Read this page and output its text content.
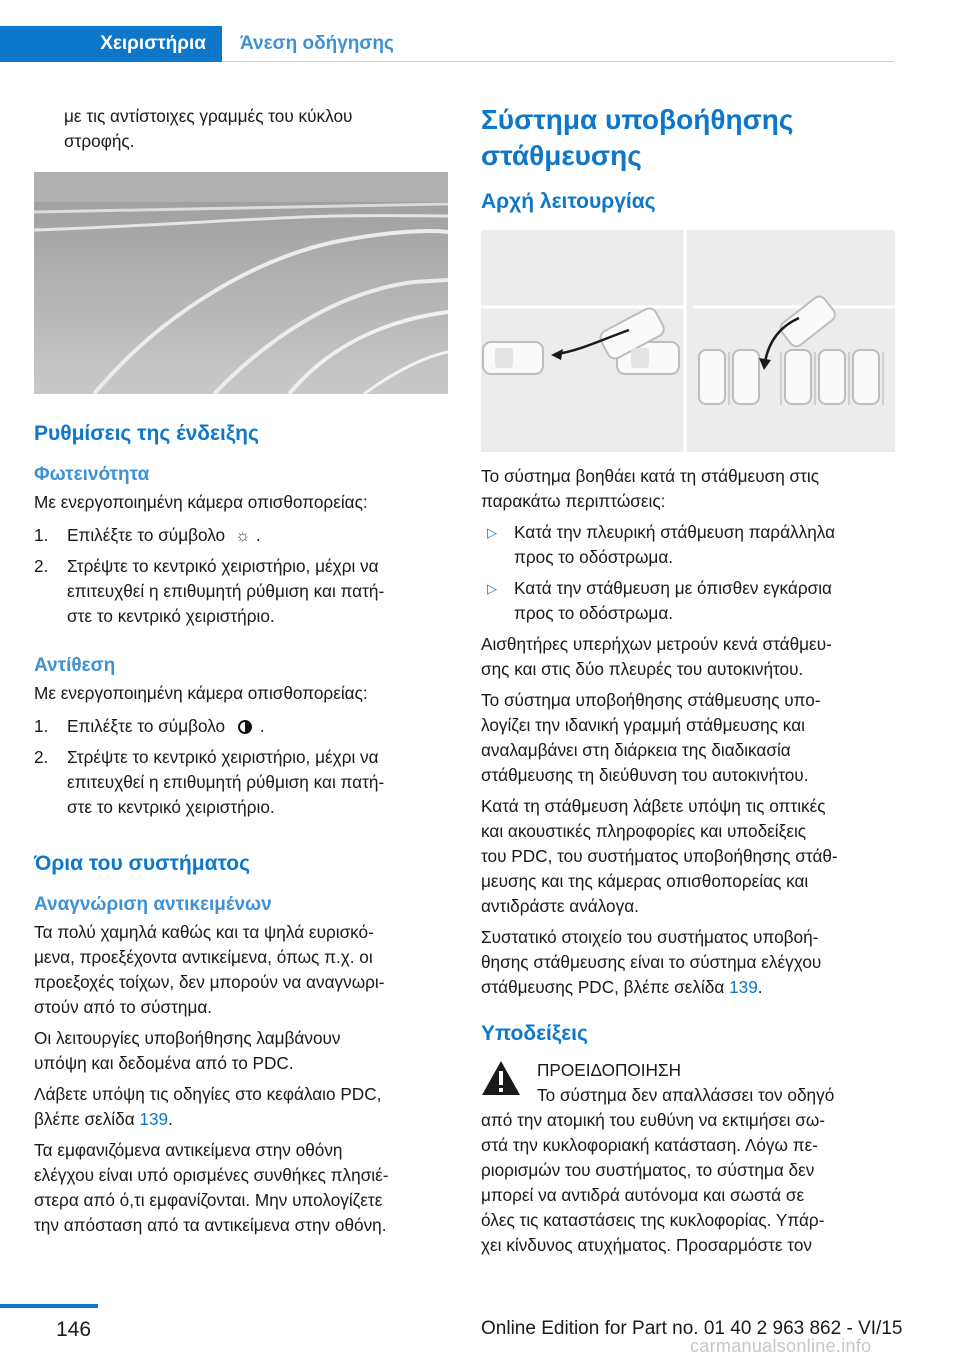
Χειριστήρια	Άνεση οδήγησης

με τις αντίστοιχες γραμμές του κύκλου

στροφής.

Ρυθμίσεις της ένδειξης
Φωτεινότητα

Με ενεργοποιημένη κάμερα οπισθοπορείας:

1. Επιλέξτε το σύμβολο ☼ .
2. Στρέψτε το κεντρικό χειριστήριο, μέχρι να
επιτευχθεί η επιθυμητή ρύθμιση και πατή-
στε το κεντρικό χειριστήριο.
Αντίθεση

Με ενεργοποιημένη κάμερα οπισθοπορείας:

1. Επιλέξτε το σύμβολο .
2. Στρέψτε το κεντρικό χειριστήριο, μέχρι να
επιτευχθεί η επιθυμητή ρύθμιση και πατή-
στε το κεντρικό χειριστήριο.
Όρια του συστήματος
Αναγνώριση αντικειμένων

Τα πολύ χαμηλά καθώς και τα ψηλά ευρισκό-

μενα, προεξέχοντα αντικείμενα, όπως π.χ. οι

προεξοχές τοίχων, δεν μπορούν να αναγνωρι-

στούν από το σύστημα.

Οι λειτουργίες υποβοήθησης λαμβάνουν

υπόψη και δεδομένα από το PDC.

Λάβετε υπόψη τις οδηγίες στο κεφάλαιο PDC,

βλέπε σελίδα 139.

Τα εμφανιζόμενα αντικείμενα στην οθόνη

ελέγχου είναι υπό ορισμένες συνθήκες πλησιέ-

στερα από ό,τι εμφανίζονται. Μην υπολογίζετε

την απόσταση από τα αντικείμενα στην οθόνη.

Σύστημα υποβοήθησης
στάθμευσης
Αρχή λειτουργίας

Το σύστημα βοηθάει κατά τη στάθμευση στις

παρακάτω περιπτώσεις:

▷ Κατά την πλευρική στάθμευση παράλληλα
προς το οδόστρωμα.
▷ Κατά την στάθμευση με όπισθεν εγκάρσια
προς το οδόστρωμα.

Αισθητήρες υπερήχων μετρούν κενά στάθμευ-

σης και στις δύο πλευρές του αυτοκινήτου.

Το σύστημα υποβοήθησης στάθμευσης υπο-

λογίζει την ιδανική γραμμή στάθμευσης και

αναλαμβάνει στη διάρκεια της διαδικασία

στάθμευσης τη διεύθυνση του αυτοκινήτου.

Κατά τη στάθμευση λάβετε υπόψη τις οπτικές

και ακουστικές πληροφορίες και υποδείξεις

του PDC, του συστήματος υποβοήθησης στάθ-

μευσης και της κάμερας οπισθοπορείας και

αντιδράστε ανάλογα.

Συστατικό στοιχείο του συστήματος υποβοή-

θησης στάθμευσης είναι το σύστημα ελέγχου

στάθμευσης PDC, βλέπε σελίδα 139.

Υποδείξεις

ΠΡΟΕΙΔΟΠΟΙΗΣΗ

Το σύστημα δεν απαλλάσσει τον οδηγό

από την ατομική του ευθύνη να εκτιμήσει σω-

στά την κυκλοφοριακή κατάσταση. Λόγω πε-

ριορισμών του συστήματος, το σύστημα δεν

μπορεί να αντιδρά αυτόνομα και σωστά σε

όλες τις καταστάσεις της κυκλοφορίας. Υπάρ-

χει κίνδυνος ατυχήματος. Προσαρμόστε τον

146	Online Edition for Part no. 01 40 2 963 862 - VI/15
carmanualsonline.info
